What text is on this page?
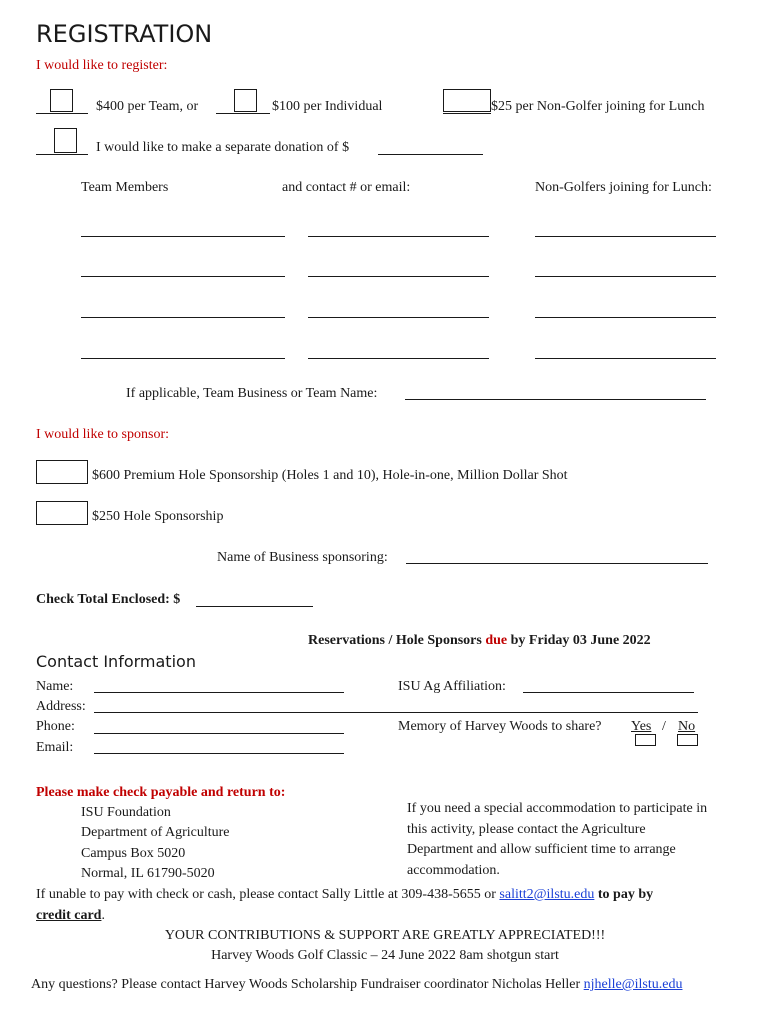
REGISTRATION
I would like to register:
$400 per Team, or	$100 per Individual	$25 per Non-Golfer joining for Lunch
I would like to make a separate donation of $
Team Members	and contact # or email:	Non-Golfers joining for Lunch:
If applicable, Team Business or Team Name:
I would like to sponsor:
$600 Premium Hole Sponsorship (Holes 1 and 10), Hole-in-one, Million Dollar Shot
$250 Hole Sponsorship
Name of Business sponsoring:
Check Total Enclosed: $
Reservations / Hole Sponsors due by Friday 03 June 2022
Contact Information
Name:	ISU Ag Affiliation:
Address:
Phone:	Memory of Harvey Woods to share? Yes / No
Email:
Please make check payable and return to:
ISU Foundation
Department of Agriculture
Campus Box 5020
Normal, IL 61790-5020
If you need a special accommodation to participate in
this activity, please contact the Agriculture
Department and allow sufficient time to arrange
accommodation.
If unable to pay with check or cash, please contact Sally Little at 309-438-5655 or salitt2@ilstu.edu to pay by
credit card.
YOUR CONTRIBUTIONS & SUPPORT ARE GREATLY APPRECIATED!!!
Harvey Woods Golf Classic – 24 June 2022 8am shotgun start
Any questions? Please contact Harvey Woods Scholarship Fundraiser coordinator Nicholas Heller njhelle@ilstu.edu
